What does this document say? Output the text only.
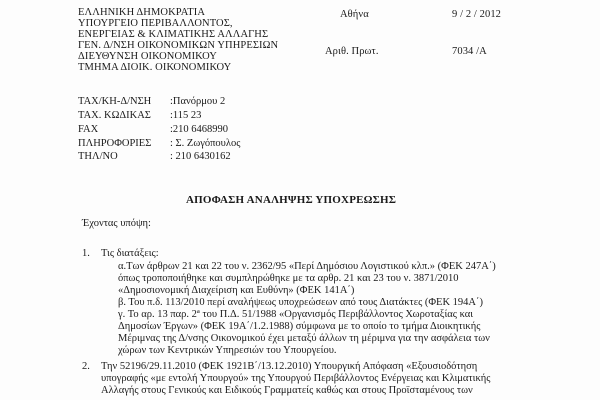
ΕΛΛΗΝΙΚΗ ΔΗΜΟΚΡΑΤΙΑ
ΥΠΟΥΡΓΕΙΟ ΠΕΡΙΒΑΛΛΟΝΤΟΣ,
ΕΝΕΡΓΕΙΑΣ & ΚΛΙΜΑΤΙΚΗΣ ΑΛΛΑΓΗΣ
ΓΕΝ. Δ/ΝΣΗ ΟΙΚΟΝΟΜΙΚΩΝ ΥΠΗΡΕΣΙΩΝ
ΔΙΕΥΘΥΝΣΗ ΟΙΚΟΝΟΜΙΚΟΥ
ΤΜΗΜΑ ΔΙΟΙΚ. ΟΙΚΟΝΟΜΙΚΟΥ
Αθήνα	9 / 2 / 2012
Αριθ. Πρωτ.	7034 /Α
ΤΑΧ/ΚΗ-Δ/ΝΣΗ :Πανόρμου 2
ΤΑΧ. ΚΩΔΙΚΑΣ :115 23
FAX	:210 6468990
ΠΛΗΡΟΦΟΡΙΕΣ : Σ. Ζωγόπουλος
ΤΗΛ/ΝΟ	: 210 6430162
ΑΠΟΦΑΣΗ ΑΝΑΛΗΨΗΣ ΥΠΟΧΡΕΩΣΗΣ
Έχοντας υπόψη:
1. Τις διατάξεις:
α.Των άρθρων 21 και 22 του ν. 2362/95 «Περί Δημόσιου Λογιστικού κλπ.» (ΦΕΚ 247Α΄)
όπως τροποποιήθηκε και συμπληρώθηκε με τα αρθρ. 21 και 23 του ν. 3871/2010
«Δημοσιονομική Διαχείριση και Ευθύνη» (ΦΕΚ 141Α΄)
β. Του π.δ. 113/2010 περί αναλήψεως υποχρεώσεων από τους Διατάκτες (ΦΕΚ 194Α΄)
γ. Το αρ. 13 παρ. 2ª του Π.Δ. 51/1988 «Οργανισμός Περιβάλλοντος Χωροταξίας και
Δημοσίων Έργων» (ΦΕΚ 19Α΄/1.2.1988) σύμφωνα με το οποίο το τμήμα Διοικητικής
Μέριμνας της Δ/νσης Οικονομικού έχει μεταξύ άλλων τη μέριμνα για την ασφάλεια των
χώρων των Κεντρικών Υπηρεσιών του Υπουργείου.
2. Την 52196/29.11.2010 (ΦΕΚ 1921Β΄/13.12.2010) Υπουργική Απόφαση «Εξουσιοδότηση
υπογραφής «με εντολή Υπουργού» της Υπουργού Περιβάλλοντος Ενέργειας και Κλιματικής
Αλλαγής στους Γενικούς και Ειδικούς Γραμματείς καθώς και στους Προϊσταμένους των
